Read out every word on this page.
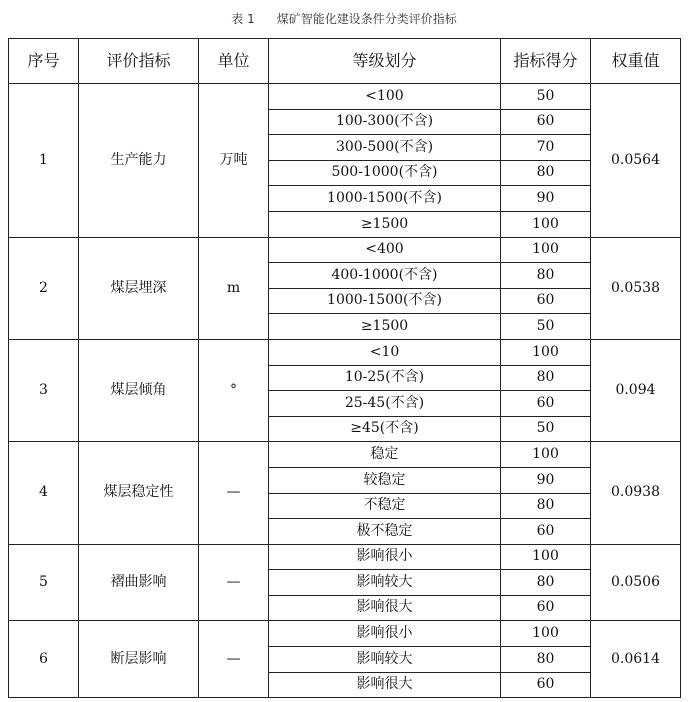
表 1 煤矿智能化建设条件分类评价指标
序号	评价指标	单位	等级划分	指标得分	权重值
1	生产能力	万吨	<100	50	0.0564
			100-300(不含)	60	
			300-500(不含)	70	
			500-1000(不含)	80	
			1000-1500(不含)	90	
			≥1500	100	
2	煤层埋深	m	<400	100	0.0538
			400-1000(不含)	80	
			1000-1500(不含)	60	
			≥1500	50	
3	煤层倾角	°	<10	100	0.094
			10-25(不含)	80	
			25-45(不含)	60	
			≥45(不含)	50	
4	煤层稳定性	—	稳定	100	0.0938
			较稳定	90	
			不稳定	80	
			极不稳定	60	
5	褶曲影响	—	影响很小	100	0.0506
			影响较大	80	
			影响很大	60	
6	断层影响	—	影响很小	100	0.0614
			影响较大	80	
			影响很大	60	
